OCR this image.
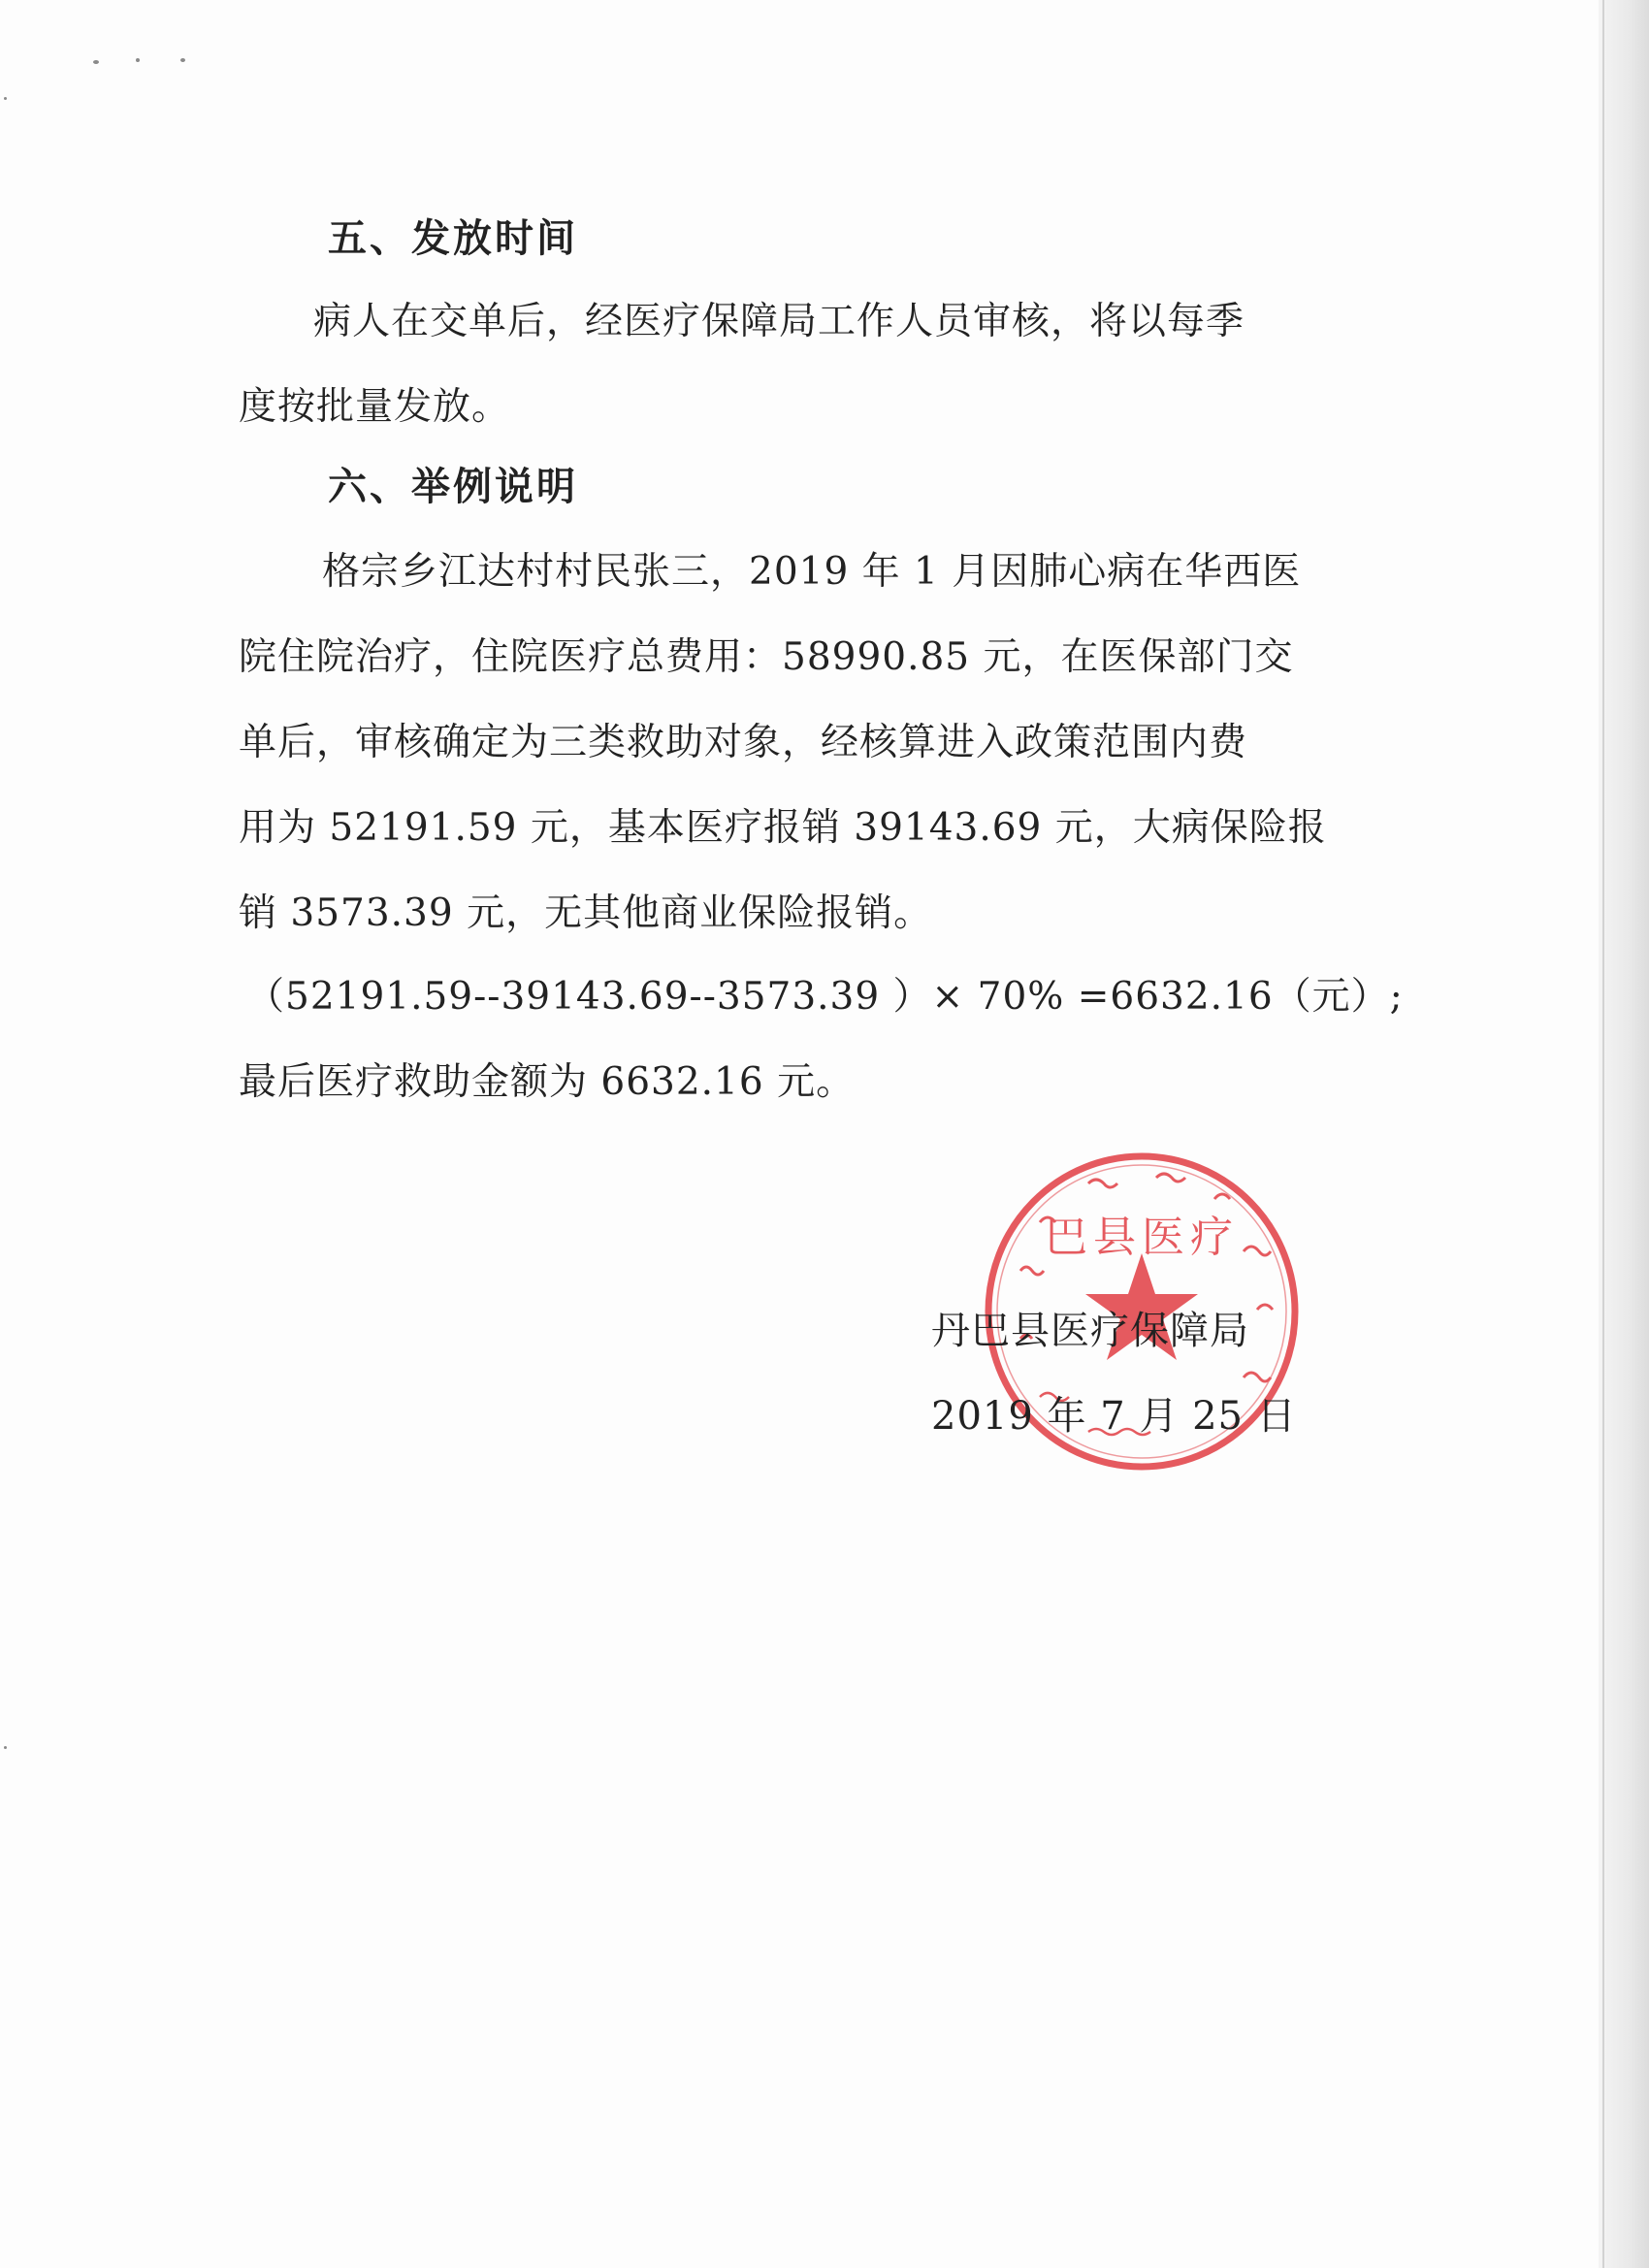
五、发放时间
病人在交单后，经医疗保障局工作人员审核，将以每季
度按批量发放。
六、举例说明
格宗乡江达村村民张三，2019 年 1 月因肺心病在华西医
院住院治疗，住院医疗总费用：58990.85 元，在医保部门交
单后，审核确定为三类救助对象，经核算进入政策范围内费
用为 52191.59 元，基本医疗报销 39143.69 元，大病保险报
销 3573.39 元，无其他商业保险报销。
（52191.59--39143.69--3573.39 ）× 70% =6632.16（元）;
最后医疗救助金额为 6632.16 元。
巴县医疗
丹巴县医疗保障局
2019 年 7 月 25 日
